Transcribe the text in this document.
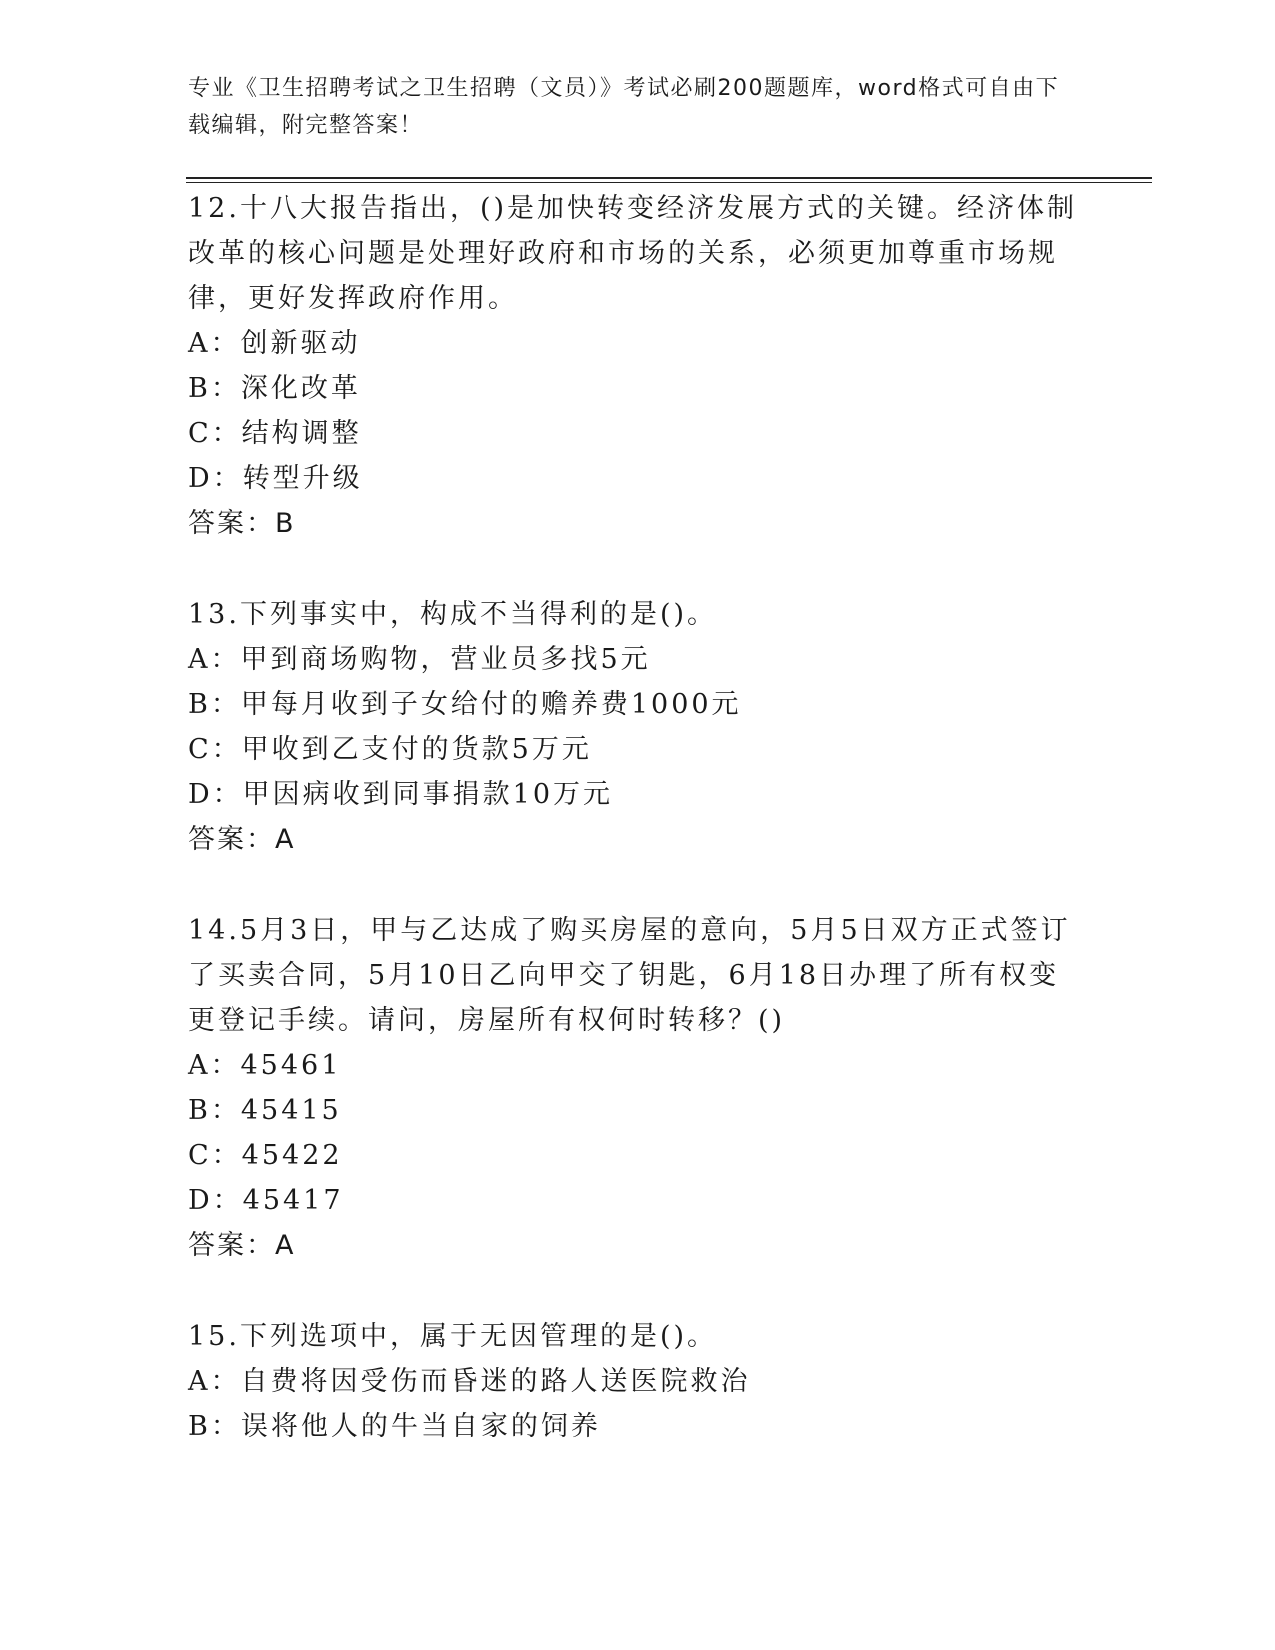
专业《卫生招聘考试之卫生招聘（文员）》考试必刷200题题库，word格式可自由下载编辑，附完整答案！

12.十八大报告指出，()是加快转变经济发展方式的关键。经济体制改革的核心问题是处理好政府和市场的关系，必须更加尊重市场规律，更好发挥政府作用。

A：创新驱动

B：深化改革

C：结构调整

D：转型升级

答案：B

13.下列事实中，构成不当得利的是()。

A：甲到商场购物，营业员多找5元

B：甲每月收到子女给付的赡养费1000元

C：甲收到乙支付的货款5万元

D：甲因病收到同事捐款10万元

答案：A

14.5月3日，甲与乙达成了购买房屋的意向，5月5日双方正式签订了买卖合同，5月10日乙向甲交了钥匙，6月18日办理了所有权变更登记手续。请问，房屋所有权何时转移？()

A：45461

B：45415

C：45422

D：45417

答案：A

15.下列选项中，属于无因管理的是()。

A：自费将因受伤而昏迷的路人送医院救治

B：误将他人的牛当自家的饲养
